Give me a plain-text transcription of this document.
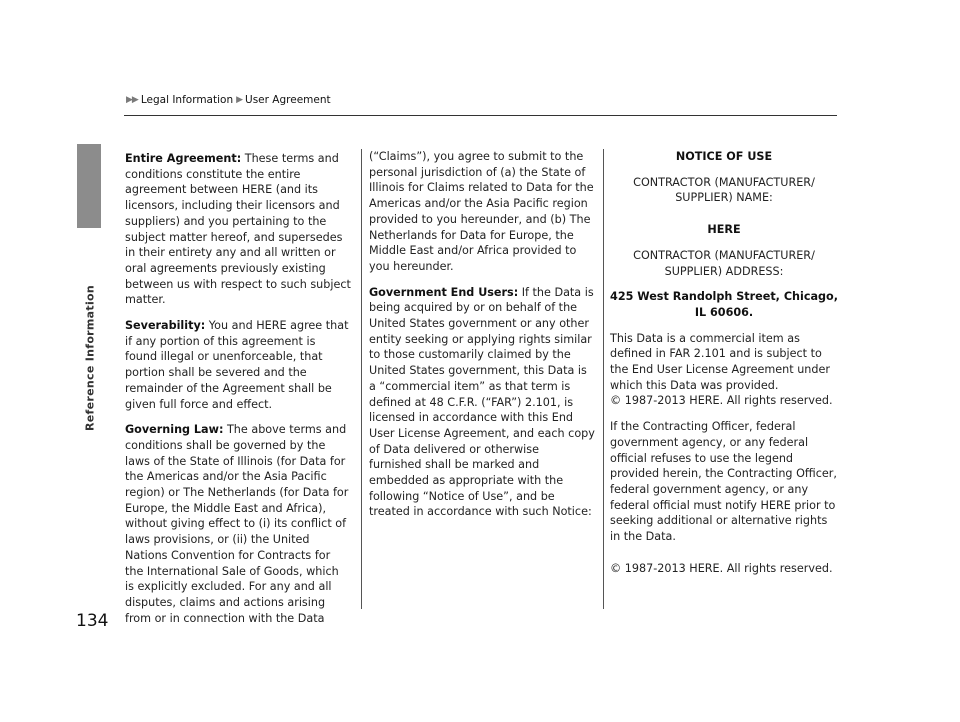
▶▶ Legal Information ▶ User Agreement
Reference Information
134

Entire Agreement: These terms and conditions constitute the entire agreement between HERE (and its licensors, including their licensors and suppliers) and you pertaining to the subject matter hereof, and supersedes in their entirety any and all written or oral agreements previously existing between us with respect to such subject matter.

Severability: You and HERE agree that if any portion of this agreement is found illegal or unenforceable, that portion shall be severed and the remainder of the Agreement shall be given full force and effect.

Governing Law: The above terms and conditions shall be governed by the laws of the State of Illinois (for Data for the Americas and/or the Asia Pacific region) or The Netherlands (for Data for Europe, the Middle East and Africa), without giving effect to (i) its conflict of laws provisions, or (ii) the United Nations Convention for Contracts for the International Sale of Goods, which is explicitly excluded. For any and all disputes, claims and actions arising from or in connection with the Data

(“Claims”), you agree to submit to the personal jurisdiction of (a) the State of Illinois for Claims related to Data for the Americas and/or the Asia Pacific region provided to you hereunder, and (b) The Netherlands for Data for Europe, the Middle East and/or Africa provided to you hereunder.

Government End Users: If the Data is being acquired by or on behalf of the United States government or any other entity seeking or applying rights similar to those customarily claimed by the United States government, this Data is a “commercial item” as that term is defined at 48 C.F.R. (“FAR”) 2.101, is licensed in accordance with this End User License Agreement, and each copy of Data delivered or otherwise furnished shall be marked and embedded as appropriate with the following “Notice of Use”, and be treated in accordance with such Notice:

NOTICE OF USE

CONTRACTOR (MANUFACTURER/ SUPPLIER) NAME:

HERE

CONTRACTOR (MANUFACTURER/ SUPPLIER) ADDRESS:

425 West Randolph Street, Chicago, IL 60606.

This Data is a commercial item as defined in FAR 2.101 and is subject to the End User License Agreement under which this Data was provided.

© 1987-2013 HERE. All rights reserved.

If the Contracting Officer, federal government agency, or any federal official refuses to use the legend provided herein, the Contracting Officer, federal government agency, or any federal official must notify HERE prior to seeking additional or alternative rights in the Data.

© 1987-2013 HERE. All rights reserved.
